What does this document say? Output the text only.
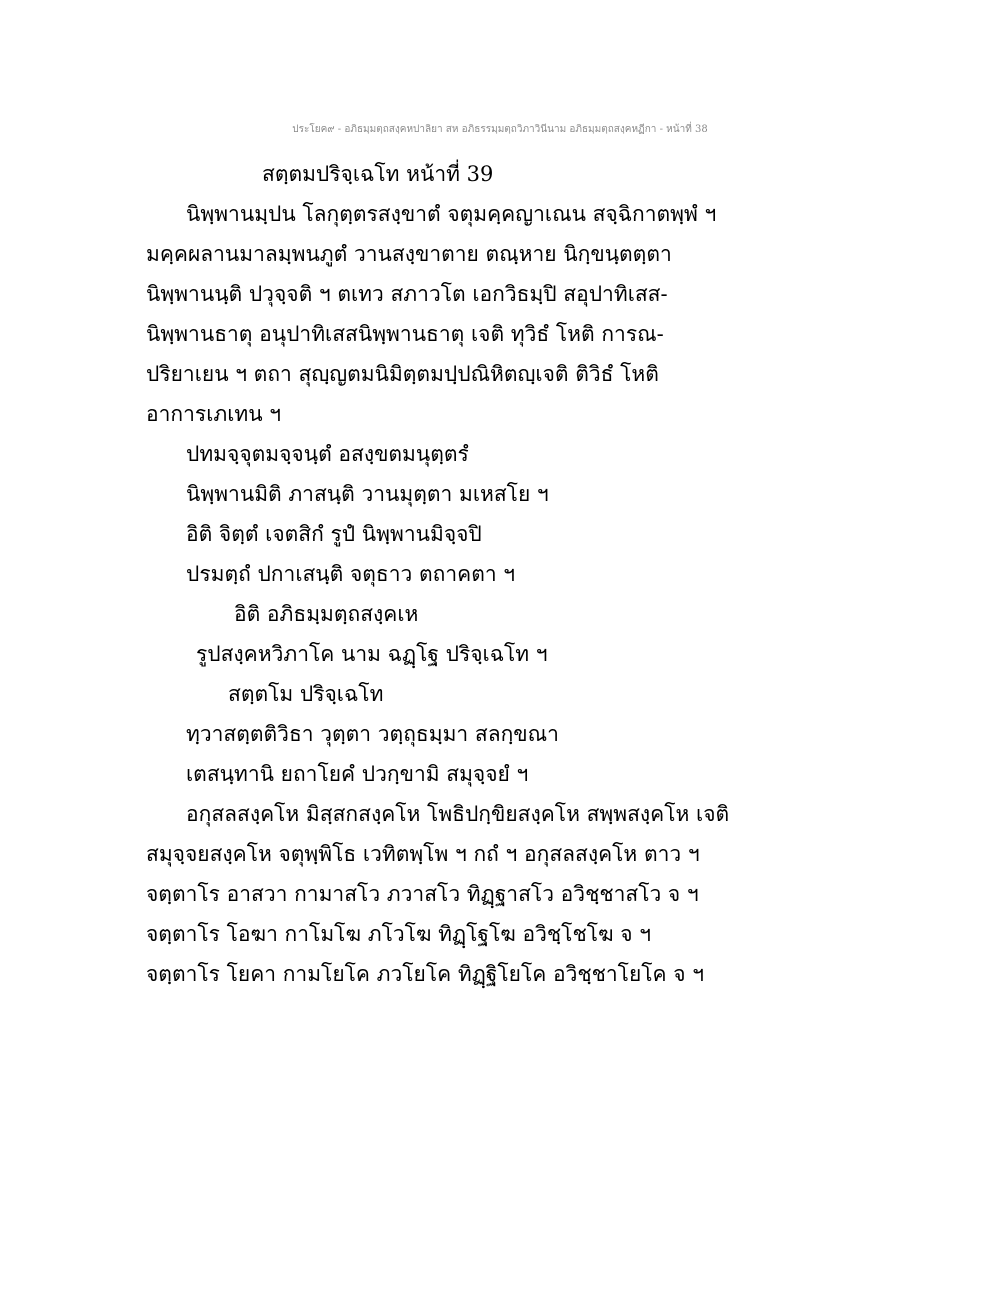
ประโยค๙ - อภิธมฺมตฺถสงฺคหปาลิยา สห อภิธรรมฺมตฺถวิภาวินีนาม อภิธมฺมตฺถสงฺคหฏีกา - หน้าที่ 38
สตฺตมปริจฺเฉโท หน้าที่ 39
นิพฺพานมฺปน โลกุตฺตรสงฺขาตํ จตุมคฺคญาเณน สจฺฉิกาตพฺพํ ฯ
มคฺคผลานมาลมฺพนภูตํ วานสงฺขาตาย ตณฺหาย นิกฺขนฺตตฺตา
นิพฺพานนฺติ ปวุจฺจติ ฯ ตเทว สภาวโต เอกวิธมฺปิ สอุปาทิเสส-
นิพฺพานธาตุ อนุปาทิเสสนิพฺพานธาตุ เจติ ทุวิธํ โหติ การณ-
ปริยาเยน ฯ ตถา สุญฺญตมนิมิตฺตมปฺปณิหิตญฺเจติ ติวิธํ โหติ
อาการเภเทน ฯ
ปทมจฺจุตมจฺจนฺตํ อสงฺขตมนุตฺตรํ
นิพฺพานมิติ ภาสนฺติ วานมุตฺตา มเหสโย ฯ
อิติ จิตฺตํ เจตสิกํ รูปํ นิพฺพานมิจฺจปิ
ปรมตฺถํ ปกาเสนฺติ จตุธาว ตถาคตา ฯ
อิติ อภิธมฺมตฺถสงฺคเห
รูปสงฺคหวิภาโค นาม ฉฏฺโฐ ปริจฺเฉโท ฯ
สตฺตโม ปริจฺเฉโท
ทฺวาสตฺตติวิธา วุตฺตา วตฺถุธมฺมา สลกฺขณา
เตสนฺทานิ ยถาโยคํ ปวกฺขามิ สมุจฺจยํ ฯ
อกุสลสงฺคโห มิสฺสกสงฺคโห โพธิปกฺขิยสงฺคโห สพฺพสงฺคโห เจติ
สมุจฺจยสงฺคโห จตุพฺพิโธ เวทิตพฺโพ ฯ กถํ ฯ อกุสลสงฺคโห ตาว ฯ
จตฺตาโร อาสวา กามาสโว ภวาสโว ทิฏฺฐาสโว อวิชฺชาสโว จ ฯ
จตฺตาโร โอฆา กาโมโฆ ภโวโฆ ทิฏฺโฐโฆ อวิชฺโชโฆ จ ฯ
จตฺตาโร โยคา กามโยโค ภวโยโค ทิฏฺฐิโยโค อวิชฺชาโยโค จ ฯ
